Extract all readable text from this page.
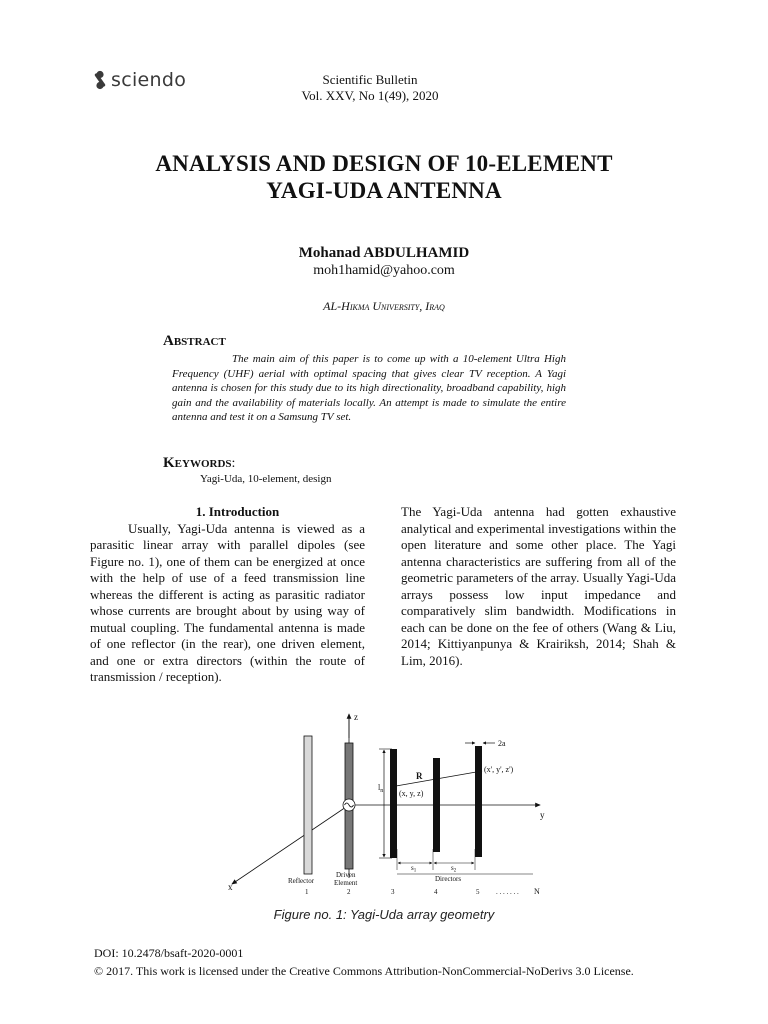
sciendo	Scientific Bulletin
Vol. XXV, No 1(49), 2020
ANALYSIS AND DESIGN OF 10-ELEMENT
YAGI-UDA ANTENNA
Mohanad ABDULHAMID
moh1hamid@yahoo.com
AL-Hikma University, Iraq
Abstract
The main aim of this paper is to come up with a 10-element Ultra High Frequency (UHF) aerial with optimal spacing that gives clear TV reception. A Yagi antenna is chosen for this study due to its high directionality, broadband capability, high gain and the availability of materials locally. An attempt is made to simulate the entire antenna and test it on a Samsung TV set.
Keywords:
Yagi-Uda, 10-element, design
1. Introduction
Usually, Yagi-Uda antenna is viewed as a parasitic linear array with parallel dipoles (see Figure no. 1), one of them can be energized at once with the help of use of a feed transmission line whereas the different is acting as parasitic radiator whose currents are brought about by using way of mutual coupling. The fundamental antenna is made of one reflector (in the rear), one driven element, and one or extra directors (within the route of transmission / reception).
The Yagi-Uda antenna had gotten exhaustive analytical and experimental investigations within the open literature and some other place. The Yagi antenna characteristics are suffering from all of the geometric parameters of the array. Usually Yagi-Uda arrays possess low input impedance and comparatively slim bandwidth. Modifications in each can be done on the fee of others (Wang & Liu, 2014; Kittiyanpunya & Krairiksh, 2014; Shah & Lim, 2016).
z
y
x
$l_n$
2a
R
(x, y, z)
(x', y', z')
$s_1$	$s_2$
Directors
Reflector
Driven
Element
1	2	3	4	5 . . . . . . . N
Figure no. 1: Yagi-Uda array geometry
DOI: 10.2478/bsaft-2020-0001
© 2017. This work is licensed under the Creative Commons Attribution-NonCommercial-NoDerivs 3.0 License.
